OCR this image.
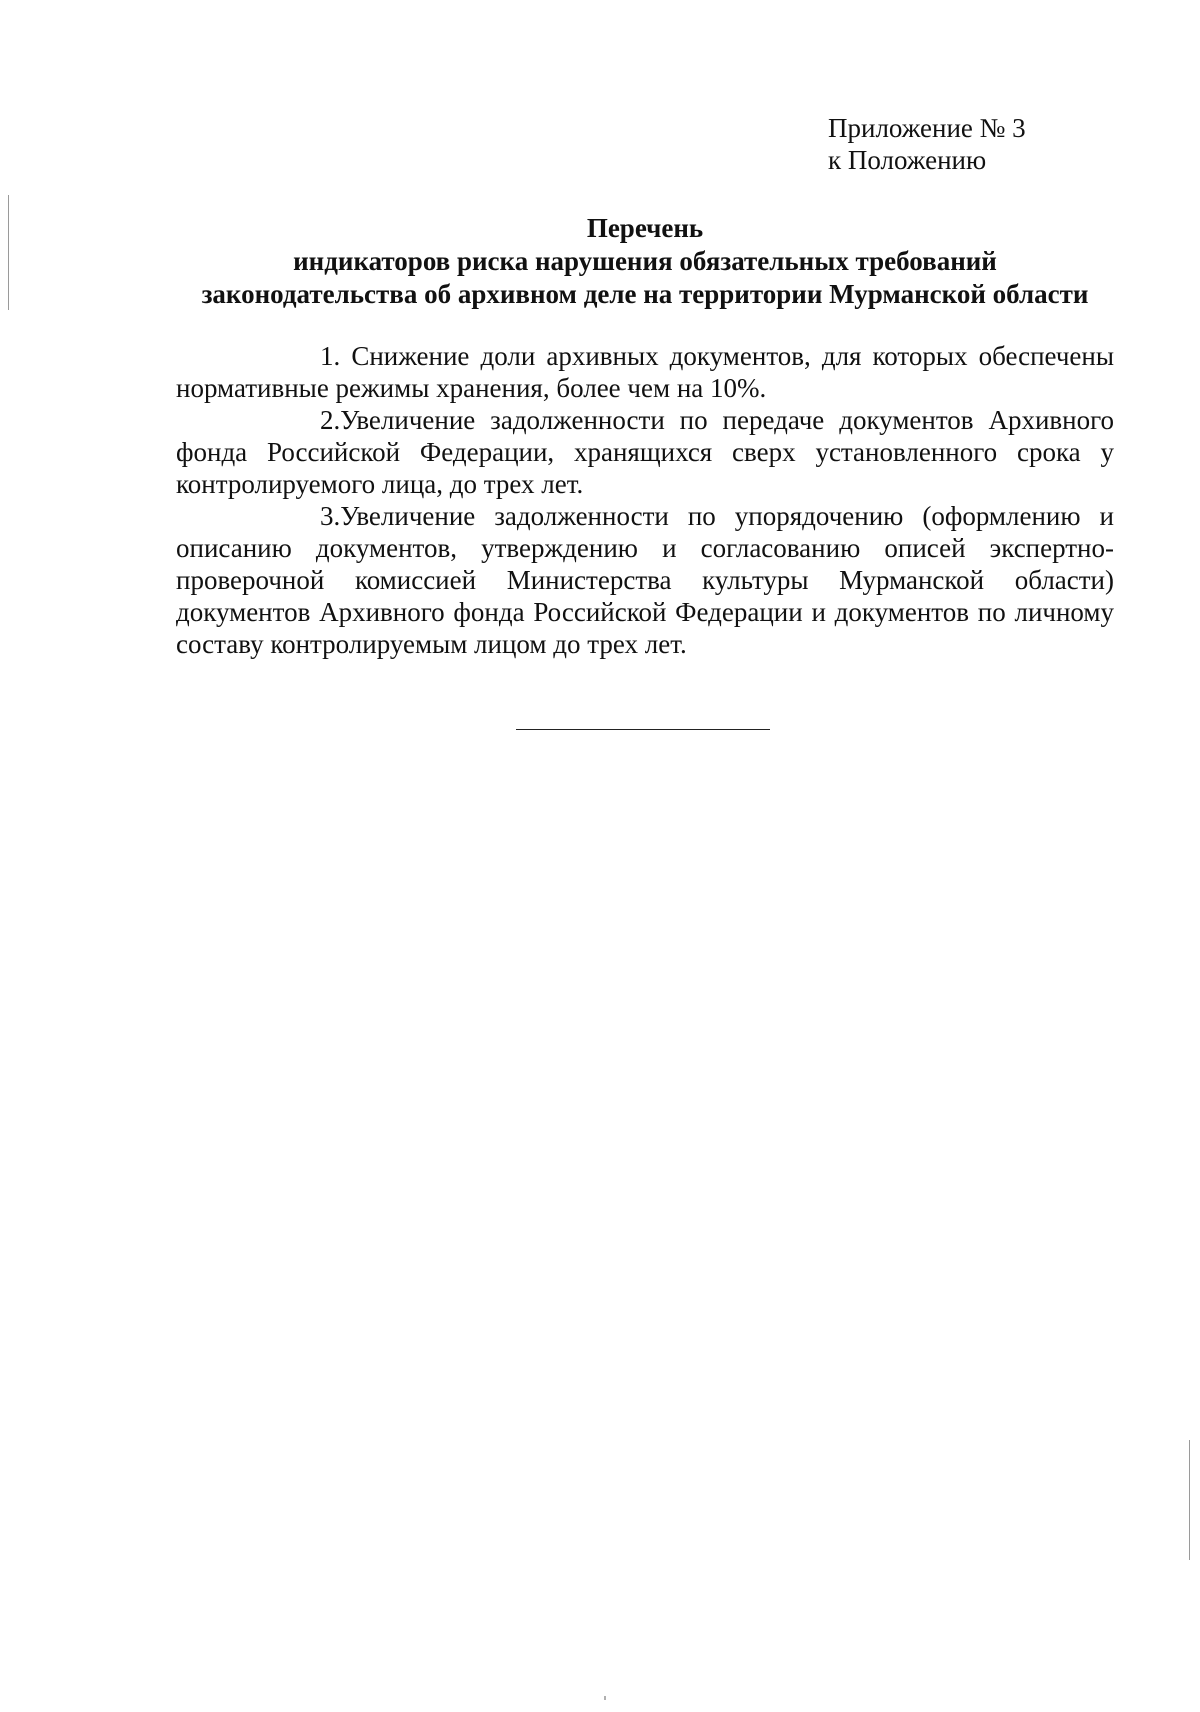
Приложение № 3
к Положению
Перечень
индикаторов риска нарушения обязательных требований
законодательства об архивном деле на территории Мурманской области

1. Снижение доли архивных документов, для которых обеспечены нормативные режимы хранения, более чем на 10%.

2.Увеличение задолженности по передаче документов Архивного фонда Российской Федерации, хранящихся сверх установленного срока у контролируемого лица, до трех лет.

3.Увеличение задолженности по упорядочению (оформлению и описанию документов, утверждению и согласованию описей экспертно-проверочной комиссией Министерства культуры Мурманской области) документов Архивного фонда Российской Федерации и документов по личному составу контролируемым лицом до трех лет.
